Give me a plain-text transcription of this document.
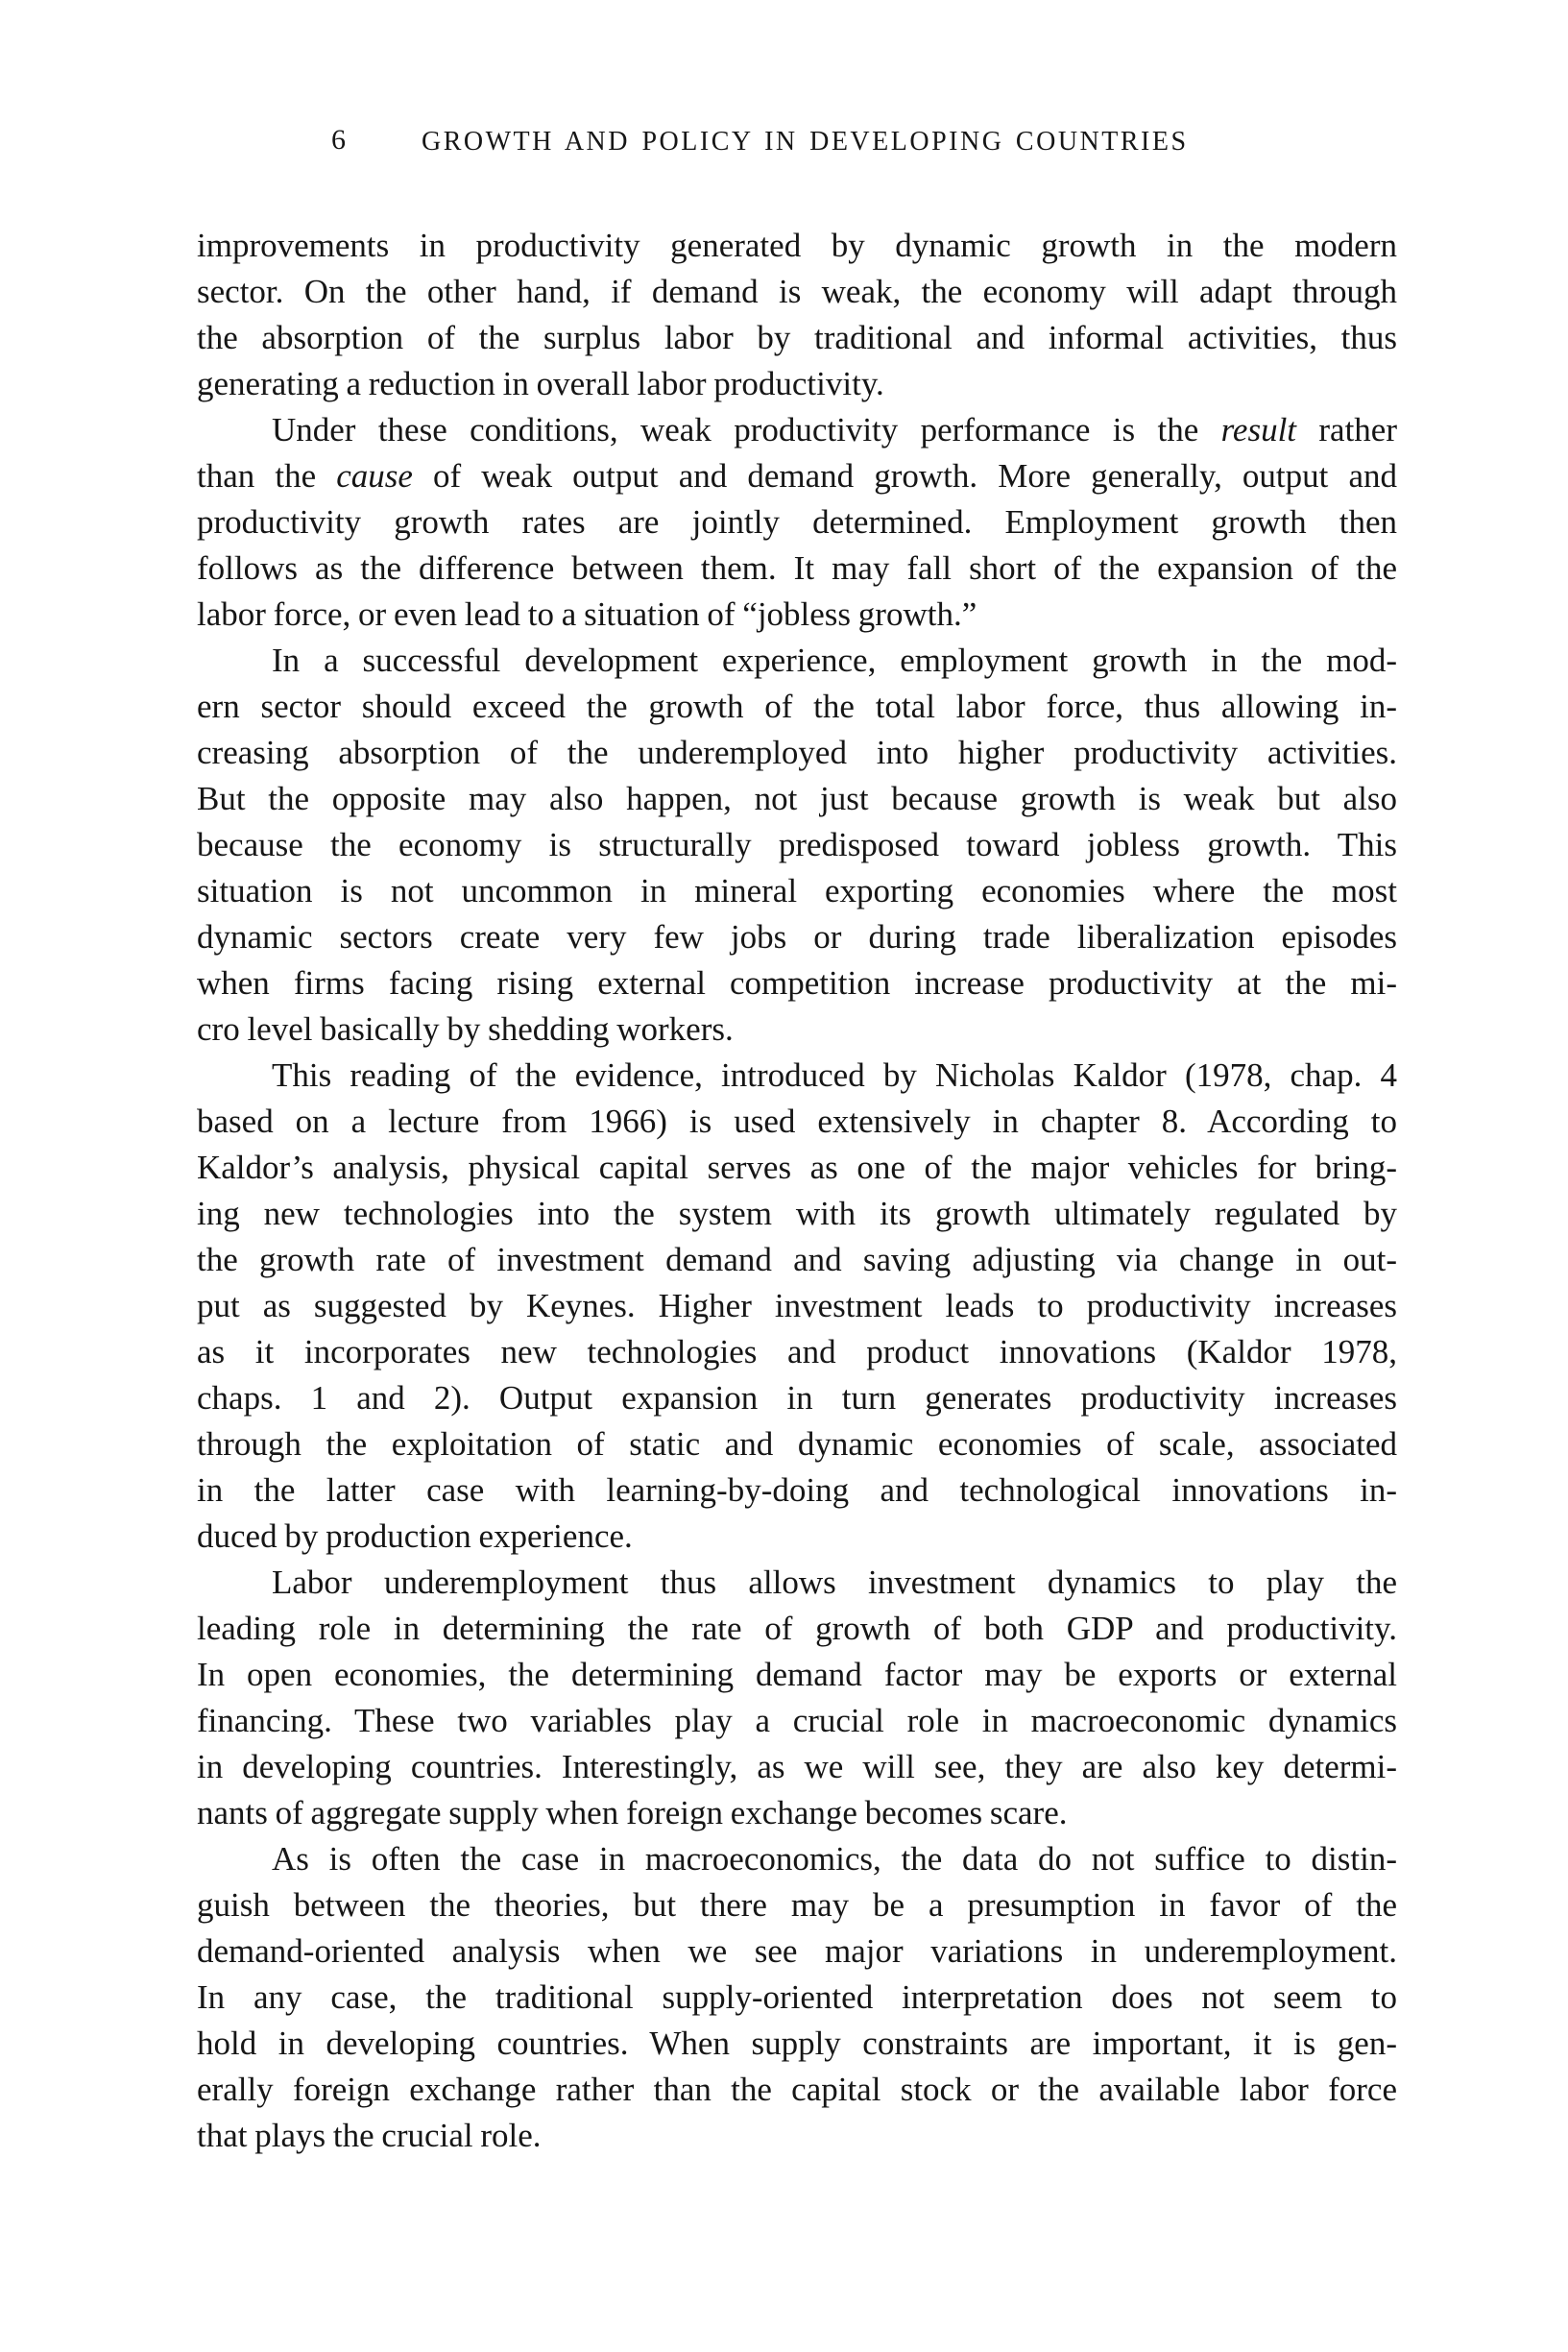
6	GROWTH AND POLICY IN DEVELOPING COUNTRIES
improvements in productivity generated by dynamic growth in the modern
sector. On the other hand, if demand is weak, the economy will adapt through
the absorption of the surplus labor by traditional and informal activities, thus
generating a reduction in overall labor productivity.
Under these conditions, weak productivity performance is the result rather
than the cause of weak output and demand growth. More generally, output and
productivity growth rates are jointly determined. Employment growth then
follows as the difference between them. It may fall short of the expansion of the
labor force, or even lead to a situation of “jobless growth.”
In a successful development experience, employment growth in the mod-
ern sector should exceed the growth of the total labor force, thus allowing in-
creasing absorption of the underemployed into higher productivity activities.
But the opposite may also happen, not just because growth is weak but also
because the economy is structurally predisposed toward jobless growth. This
situation is not uncommon in mineral exporting economies where the most
dynamic sectors create very few jobs or during trade liberalization episodes
when firms facing rising external competition increase productivity at the mi-
cro level basically by shedding workers.
This reading of the evidence, introduced by Nicholas Kaldor (1978, chap. 4
based on a lecture from 1966) is used extensively in chapter 8. According to
Kaldor’s analysis, physical capital serves as one of the major vehicles for bring-
ing new technologies into the system with its growth ultimately regulated by
the growth rate of investment demand and saving adjusting via change in out-
put as suggested by Keynes. Higher investment leads to productivity increases
as it incorporates new technologies and product innovations (Kaldor 1978,
chaps. 1 and 2). Output expansion in turn generates productivity increases
through the exploitation of static and dynamic economies of scale, associated
in the latter case with learning-by-doing and technological innovations in-
duced by production experience.
Labor underemployment thus allows investment dynamics to play the
leading role in determining the rate of growth of both GDP and productivity.
In open economies, the determining demand factor may be exports or external
financing. These two variables play a crucial role in macroeconomic dynamics
in developing countries. Interestingly, as we will see, they are also key determi-
nants of aggregate supply when foreign exchange becomes scare.
As is often the case in macroeconomics, the data do not suffice to distin-
guish between the theories, but there may be a presumption in favor of the
demand-oriented analysis when we see major variations in underemployment.
In any case, the traditional supply-oriented interpretation does not seem to
hold in developing countries. When supply constraints are important, it is gen-
erally foreign exchange rather than the capital stock or the available labor force
that plays the crucial role.
